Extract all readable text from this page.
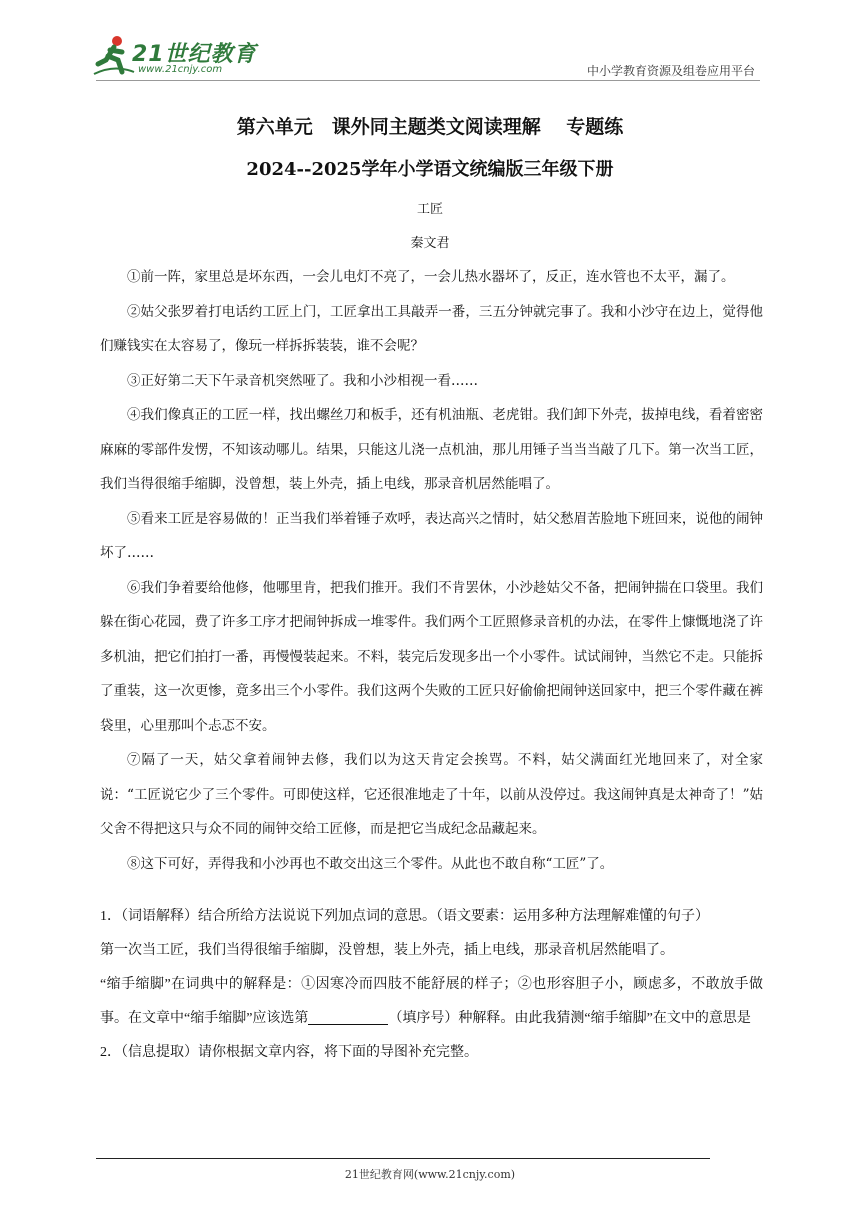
21世纪教育
www.21cnjy.com	中小学教育资源及组卷应用平台
第六单元　课外同主题类文阅读理解　 专题练
2024--2025学年小学语文统编版三年级下册
工匠
秦文君

①前一阵，家里总是坏东西，一会儿电灯不亮了，一会儿热水器坏了，反正，连水管也不太平，漏了。

②姑父张罗着打电话约工匠上门，工匠拿出工具敲弄一番，三五分钟就完事了。我和小沙守在边上，觉得他们赚钱实在太容易了，像玩一样拆拆装装，谁不会呢？

③正好第二天下午录音机突然哑了。我和小沙相视一看……

④我们像真正的工匠一样，找出螺丝刀和板手，还有机油瓶、老虎钳。我们卸下外壳，拔掉电线，看着密密麻麻的零部件发愣，不知该动哪儿。结果，只能这儿浇一点机油，那儿用锤子当当当敲了几下。第一次当工匠，我们当得很缩手缩脚，没曾想，装上外壳，插上电线，那录音机居然能唱了。

⑤看来工匠是容易做的！正当我们举着锤子欢呼，表达高兴之情时，姑父愁眉苦脸地下班回来，说他的闹钟坏了……

⑥我们争着要给他修，他哪里肯，把我们推开。我们不肯罢休，小沙趁姑父不备，把闹钟揣在口袋里。我们躲在街心花园，费了许多工序才把闹钟拆成一堆零件。我们两个工匠照修录音机的办法，在零件上慷慨地浇了许多机油，把它们拍打一番，再慢慢装起来。不料，装完后发现多出一个小零件。试试闹钟，当然它不走。只能拆了重装，这一次更惨，竟多出三个小零件。我们这两个失败的工匠只好偷偷把闹钟送回家中，把三个零件藏在裤袋里，心里那叫个忐忑不安。

⑦隔了一天，姑父拿着闹钟去修，我们以为这天肯定会挨骂。不料，姑父满面红光地回来了，对全家说：“工匠说它少了三个零件。可即使这样，它还很准地走了十年，以前从没停过。我这闹钟真是太神奇了！”姑父舍不得把这只与众不同的闹钟交给工匠修，而是把它当成纪念品藏起来。

⑧这下可好，弄得我和小沙再也不敢交出这三个零件。从此也不敢自称“工匠”了。

1．（词语解释）结合所给方法说说下列加点词的意思。（语文要素：运用多种方法理解难懂的句子）

第一次当工匠，我们当得很缩手缩脚，没曾想，装上外壳，插上电线，那录音机居然能唱了。

“缩手缩脚”在词典中的解释是：①因寒冷而四肢不能舒展的样子；②也形容胆子小，顾虑多，不敢放手做事。在文章中“缩手缩脚”应该选第	（填序号）种解释。由此我猜测“缩手缩脚”在文中的意思是

2．（信息提取）请你根据文章内容，将下面的导图补充完整。

21世纪教育网(www.21cnjy.com)
